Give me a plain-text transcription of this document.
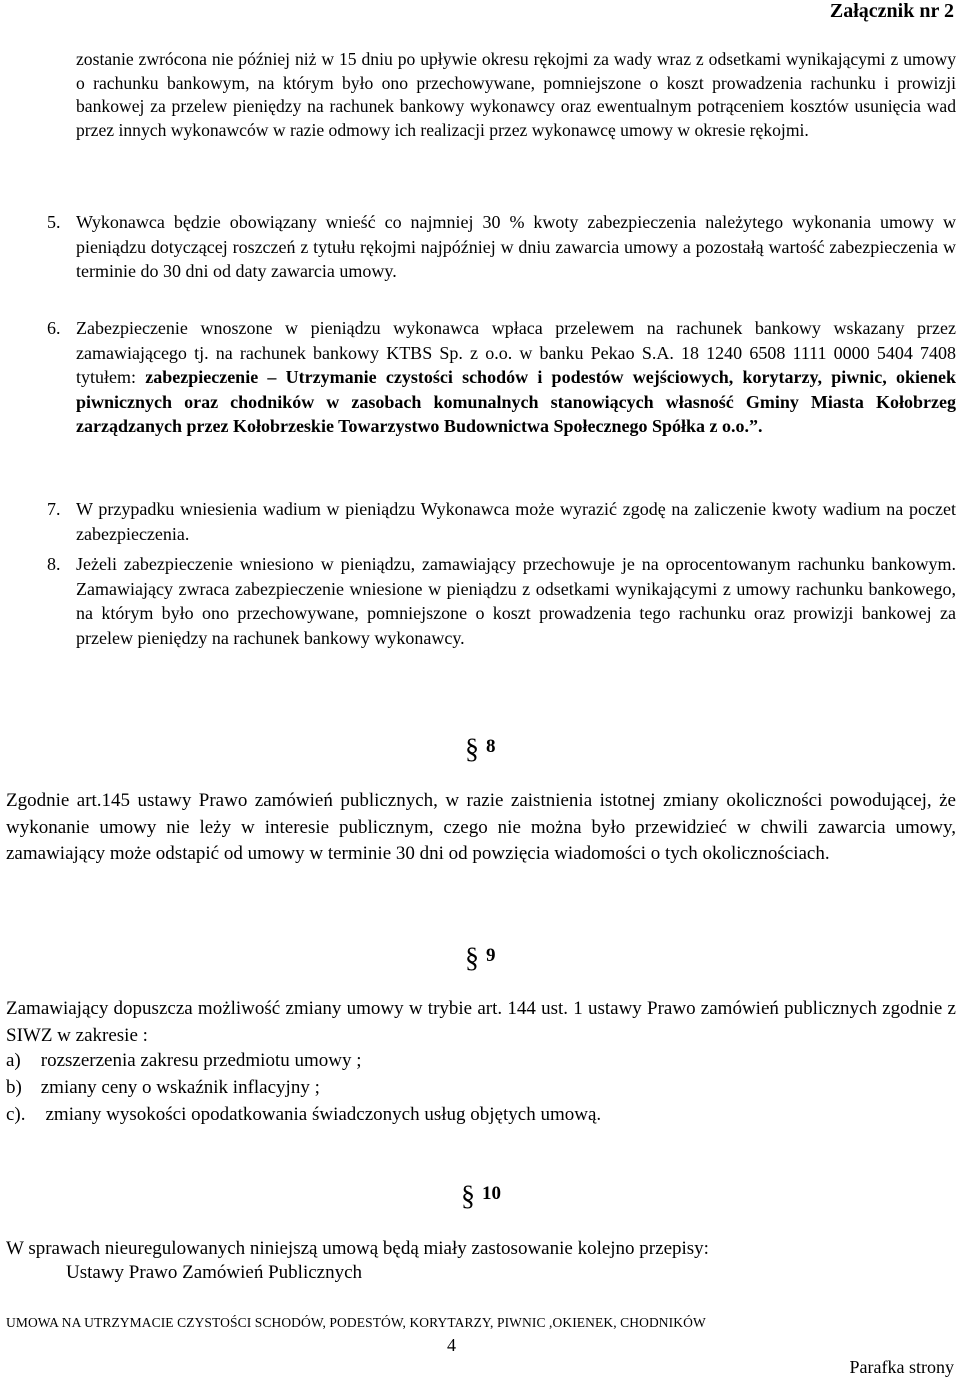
Załącznik nr 2
zostanie zwrócona nie później niż w 15 dniu po upływie okresu rękojmi za wady wraz z odsetkami wynikającymi z umowy o rachunku bankowym, na którym było ono przechowywane, pomniejszone o koszt prowadzenia rachunku i prowizji bankowej za przelew pieniędzy na rachunek bankowy wykonawcy oraz ewentualnym potrąceniem kosztów usunięcia wad przez innych wykonawców w razie odmowy ich realizacji przez wykonawcę umowy w okresie rękojmi.
5. Wykonawca będzie obowiązany wnieść co najmniej 30 % kwoty zabezpieczenia należytego wykonania umowy w pieniądzu dotyczącej roszczeń z tytułu rękojmi najpóźniej w dniu zawarcia umowy a pozostałą wartość zabezpieczenia w terminie do 30 dni od daty zawarcia umowy.
6. Zabezpieczenie wnoszone w pieniądzu wykonawca wpłaca przelewem na rachunek bankowy wskazany przez zamawiającego tj. na rachunek bankowy KTBS Sp. z o.o. w banku Pekao S.A. 18 1240 6508 1111 0000 5404 7408 tytułem: zabezpieczenie – Utrzymanie czystości schodów i podestów wejściowych, korytarzy, piwnic, okienek piwnicznych oraz chodników w zasobach komunalnych stanowiących własność Gminy Miasta Kołobrzeg zarządzanych przez Kołobrzeskie Towarzystwo Budownictwa Społecznego Spółka z o.o.”.
7. W przypadku wniesienia wadium w pieniądzu Wykonawca może wyrazić zgodę na zaliczenie kwoty wadium na poczet zabezpieczenia.
8. Jeżeli zabezpieczenie wniesiono w pieniądzu, zamawiający przechowuje je na oprocentowanym rachunku bankowym. Zamawiający zwraca zabezpieczenie wniesione w pieniądzu z odsetkami wynikającymi z umowy rachunku bankowego, na którym było ono przechowywane, pomniejszone o koszt prowadzenia tego rachunku oraz prowizji bankowej za przelew pieniędzy na rachunek bankowy wykonawcy.
§ 8
Zgodnie art.145 ustawy Prawo zamówień publicznych, w razie zaistnienia istotnej zmiany okoliczności powodującej, że wykonanie umowy nie leży w interesie publicznym, czego nie można było przewidzieć w chwili zawarcia umowy, zamawiający może odstapić od umowy w terminie 30 dni od powzięcia wiadomości o tych okolicznościach.
§ 9
Zamawiający dopuszcza możliwość zmiany umowy w trybie art. 144 ust. 1 ustawy Prawo zamówień publicznych zgodnie z SIWZ w zakresie :
a) rozszerzenia zakresu przedmiotu umowy ;
b) zmiany ceny o wskaźnik inflacyjny ;
c). zmiany wysokości opodatkowania świadczonych usług objętych umową.
§ 10
W sprawach nieuregulowanych niniejszą umową będą miały zastosowanie kolejno przepisy:
Ustawy Prawo Zamówień Publicznych
UMOWA NA UTRZYMACIE CZYSTOŚCI SCHODÓW, PODESTÓW, KORYTARZY, PIWNIC ,OKIENEK, CHODNIKÓW
4
Parafka strony
